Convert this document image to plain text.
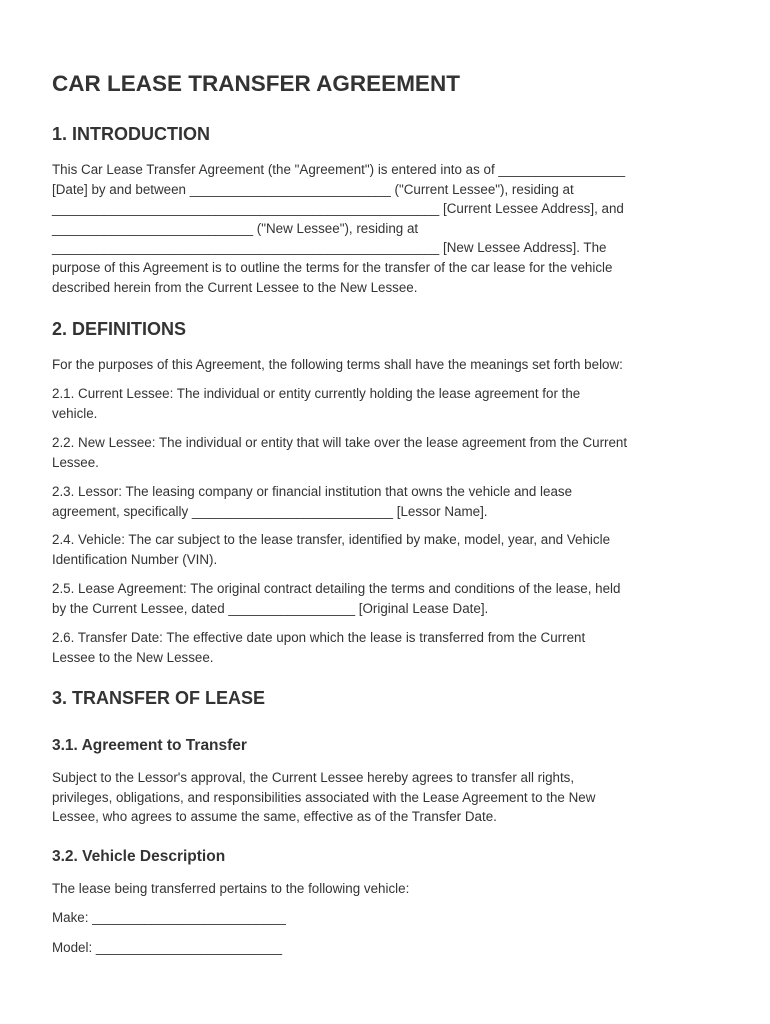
CAR LEASE TRANSFER AGREEMENT
1. INTRODUCTION
This Car Lease Transfer Agreement (the "Agreement") is entered into as of _________________
[Date] by and between ___________________________ ("Current Lessee"), residing at
____________________________________________________ [Current Lessee Address], and
___________________________ ("New Lessee"), residing at
____________________________________________________ [New Lessee Address]. The
purpose of this Agreement is to outline the terms for the transfer of the car lease for the vehicle
described herein from the Current Lessee to the New Lessee.
2. DEFINITIONS
For the purposes of this Agreement, the following terms shall have the meanings set forth below:
2.1. Current Lessee: The individual or entity currently holding the lease agreement for the
vehicle.
2.2. New Lessee: The individual or entity that will take over the lease agreement from the Current
Lessee.
2.3. Lessor: The leasing company or financial institution that owns the vehicle and lease
agreement, specifically ___________________________ [Lessor Name].
2.4. Vehicle: The car subject to the lease transfer, identified by make, model, year, and Vehicle
Identification Number (VIN).
2.5. Lease Agreement: The original contract detailing the terms and conditions of the lease, held
by the Current Lessee, dated _________________ [Original Lease Date].
2.6. Transfer Date: The effective date upon which the lease is transferred from the Current
Lessee to the New Lessee.
3. TRANSFER OF LEASE
3.1. Agreement to Transfer
Subject to the Lessor's approval, the Current Lessee hereby agrees to transfer all rights,
privileges, obligations, and responsibilities associated with the Lease Agreement to the New
Lessee, who agrees to assume the same, effective as of the Transfer Date.
3.2. Vehicle Description
The lease being transferred pertains to the following vehicle:
Make: __________________________
Model: _________________________
